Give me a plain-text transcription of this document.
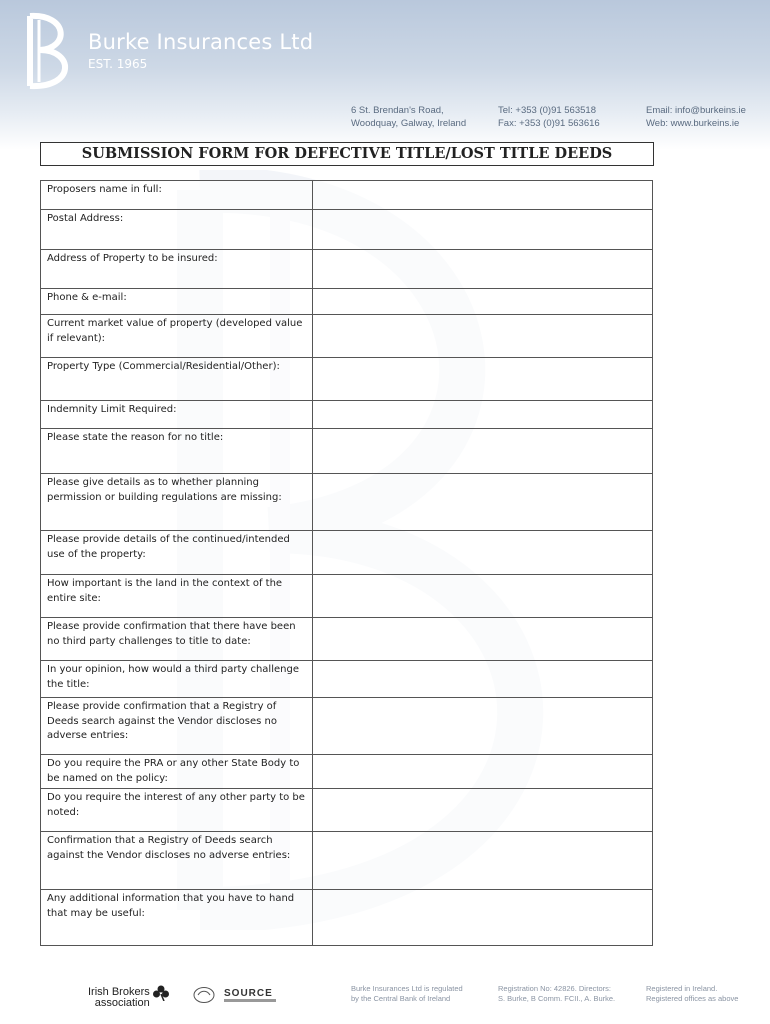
Burke Insurances Ltd
EST. 1965
6 St. Brendan's Road,
Woodquay, Galway, Ireland
Tel: +353 (0)91 563518
Fax: +353 (0)91 563616
Email: info@burkeins.ie
Web: www.burkeins.ie
SUBMISSION FORM FOR DEFECTIVE TITLE/LOST TITLE DEEDS
Proposers name in full:	
Postal Address:	
Address of Property to be insured:	
Phone & e-mail:	
Current market value of property (developed value if relevant):	
Property Type (Commercial/Residential/Other):	
Indemnity Limit Required:	
Please state the reason for no title:	
Please give details as to whether planning permission or building regulations are missing:	
Please provide details of the continued/intended use of the property:	
How important is the land in the context of the entire site:	
Please provide confirmation that there have been no third party challenges to title to date:	
In your opinion, how would a third party challenge the title:	
Please provide confirmation that a Registry of Deeds search against the Vendor discloses no adverse entries:	
Do you require the PRA or any other State Body to be named on the policy:	
Do you require the interest of any other party to be noted:	
Confirmation that a Registry of Deeds search against the Vendor discloses no adverse entries:	
Any additional information that you have to hand that may be useful:	
Irish Brokers
association
SOURCE	Burke Insurances Ltd is regulated
by the Central Bank of Ireland
Registration No: 42826. Directors:
S. Burke, B Comm. FCII., A. Burke.
Registered in Ireland.
Registered offices as above
